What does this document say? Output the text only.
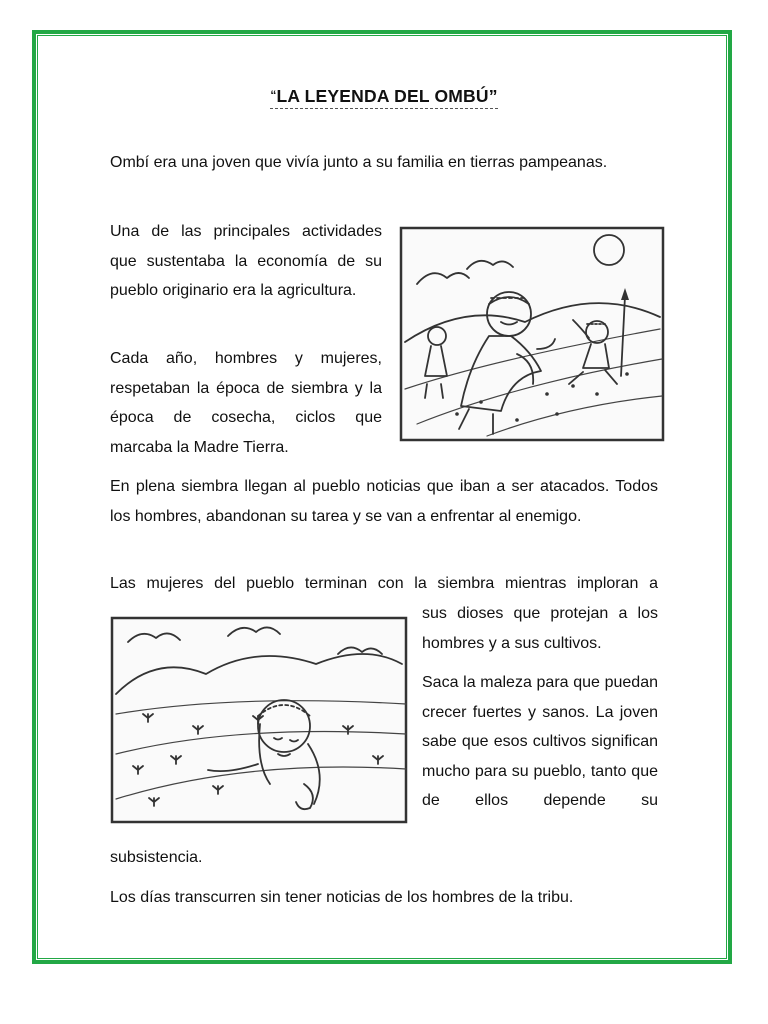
“LA LEYENDA DEL OMBÚ”

Ombí era una joven que vivía junto a su familia en tierras pampeanas.

Una de las principales actividades que sustentaba la economía de su pueblo originario era la agricultura.

Cada año, hombres y mujeres, respetaban la época de siembra y la época de cosecha, ciclos que marcaba la Madre Tierra.

En plena siembra llegan al pueblo noticias que iban a ser atacados. Todos los hombres, abandonan su tarea y se van a enfrentar al enemigo.

Las mujeres del pueblo terminan con la siembra mientras imploran a

sus dioses que protejan a los hombres y a sus cultivos.

Saca la maleza para que puedan crecer fuertes y sanos. La joven sabe que esos cultivos significan mucho para su pueblo, tanto que de ellos depende su

subsistencia.

Los días transcurren sin tener noticias de los hombres de la tribu.
